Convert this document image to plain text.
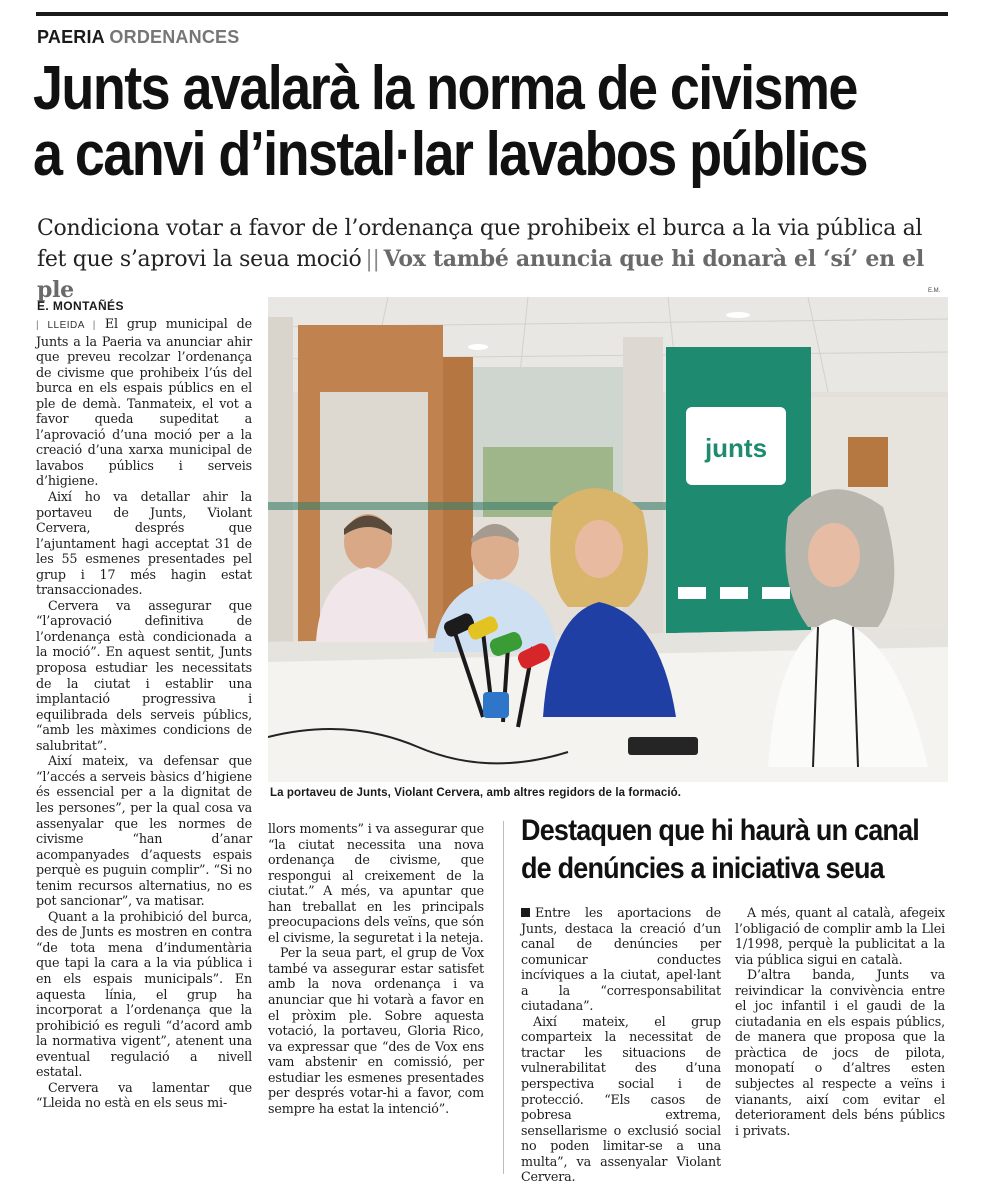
PAERIA ORDENANCES
Junts avalarà la norma de civisme
a canvi d’instal·lar lavabos públics
Condiciona votar a favor de l’ordenança que prohibeix el burca a la via pública al fet que s’aprovi la seua moció || Vox també anuncia que hi donarà el ‘sí’ en el ple
E. MONTAÑÉS
E.M.
junts
La portaveu de Junts, Violant Cervera, amb altres regidors de la formació.

| LLEIDA | El grup municipal de Junts a la Paeria va anunciar ahir que preveu recolzar l’ordenança de civisme que prohibeix l’ús del burca en els espais públics en el ple de demà. Tanmateix, el vot a favor queda supeditat a l’aprovació d’una moció per a la creació d’una xarxa municipal de lavabos públics i serveis d’higiene.

Així ho va detallar ahir la portaveu de Junts, Violant Cervera, després que l’ajuntament hagi acceptat 31 de les 55 esmenes presentades pel grup i 17 més hagin estat transaccionades.

Cervera va assegurar que “l’aprovació definitiva de l’ordenança està condicionada a la moció”. En aquest sentit, Junts proposa estudiar les necessitats de la ciutat i establir una implantació progressiva i equilibrada dels serveis públics, “amb les màximes condicions de salubritat”.

Així mateix, va defensar que “l’accés a serveis bàsics d’higiene és essencial per a la dignitat de les persones”, per la qual cosa va assenyalar que les normes de civisme “han d’anar acompanyades d’aquests espais perquè es puguin complir”. “Si no tenim recursos alternatius, no es pot sancionar”, va matisar.

Quant a la prohibició del burca, des de Junts es mostren en contra “de tota mena d’indumentària que tapi la cara a la via pública i en els espais municipals”. En aquesta línia, el grup ha incorporat a l’ordenança que la prohibició es reguli “d’acord amb la normativa vigent”, atenent una eventual regulació a nivell estatal.

Cervera va lamentar que “Lleida no està en els seus mi-

llors moments” i va assegurar que “la ciutat necessita una nova ordenança de civisme, que respongui al creixement de la ciutat.” A més, va apuntar que han treballat en les principals preocupacions dels veïns, que són el civisme, la seguretat i la neteja.

Per la seua part, el grup de Vox també va assegurar estar satisfet amb la nova ordenança i va anunciar que hi votarà a favor en el pròxim ple. Sobre aquesta votació, la portaveu, Gloria Rico, va expressar que “des de Vox ens vam abstenir en comissió, per estudiar les esmenes presentades per després votar-hi a favor, com sempre ha estat la intenció”.

Destaquen que hi haurà un canal
de denúncies a iniciativa seua

Entre les aportacions de Junts, destaca la creació d’un canal de denúncies per comunicar conductes incíviques a la ciutat, apel·lant a la “corresponsabilitat ciutadana”.

Així mateix, el grup comparteix la necessitat de tractar les situacions de vulnerabilitat des d’una perspectiva social i de protecció. “Els casos de pobresa extrema, sensellarisme o exclusió social no poden limitar-se a una multa”, va assenyalar Violant Cervera.

A més, quant al català, afegeix l’obligació de complir amb la Llei 1/1998, perquè la publicitat a la via pública sigui en català.

D’altra banda, Junts va reivindicar la convivència entre el joc infantil i el gaudi de la ciutadania en els espais públics, de manera que proposa que la pràctica de jocs de pilota, monopatí o d’altres esten subjectes al respecte a veïns i vianants, així com evitar el deteriorament dels béns públics i privats.
